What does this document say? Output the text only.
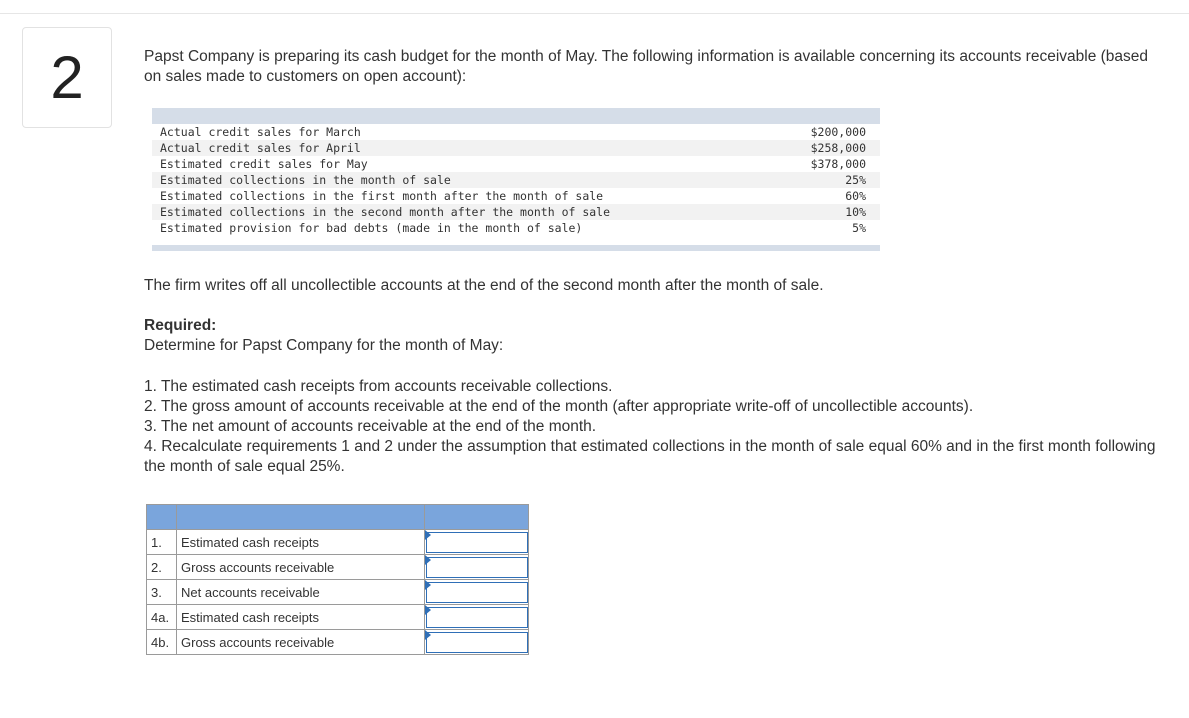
2	Papst Company is preparing its cash budget for the month of May. The following information is available concerning its accounts receivable (based on sales made to customers on open account):
Actual credit sales for March	$200,000
Actual credit sales for April	$258,000
Estimated credit sales for May	$378,000
Estimated collections in the month of sale	25%
Estimated collections in the first month after the month of sale	60%
Estimated collections in the second month after the month of sale	10%
Estimated provision for bad debts (made in the month of sale)	5%
The firm writes off all uncollectible accounts at the end of the second month after the month of sale.
Required:
Determine for Papst Company for the month of May:
1. The estimated cash receipts from accounts receivable collections.
2. The gross amount of accounts receivable at the end of the month (after appropriate write-off of uncollectible accounts).
3. The net amount of accounts receivable at the end of the month.
4. Recalculate requirements 1 and 2 under the assumption that estimated collections in the month of sale equal 60% and in the first month following the month of sale equal 25%.

1.	Estimated cash receipts	

2.	Gross accounts receivable	

3.	Net accounts receivable	

4a.	Estimated cash receipts	

4b.	Gross accounts receivable	
